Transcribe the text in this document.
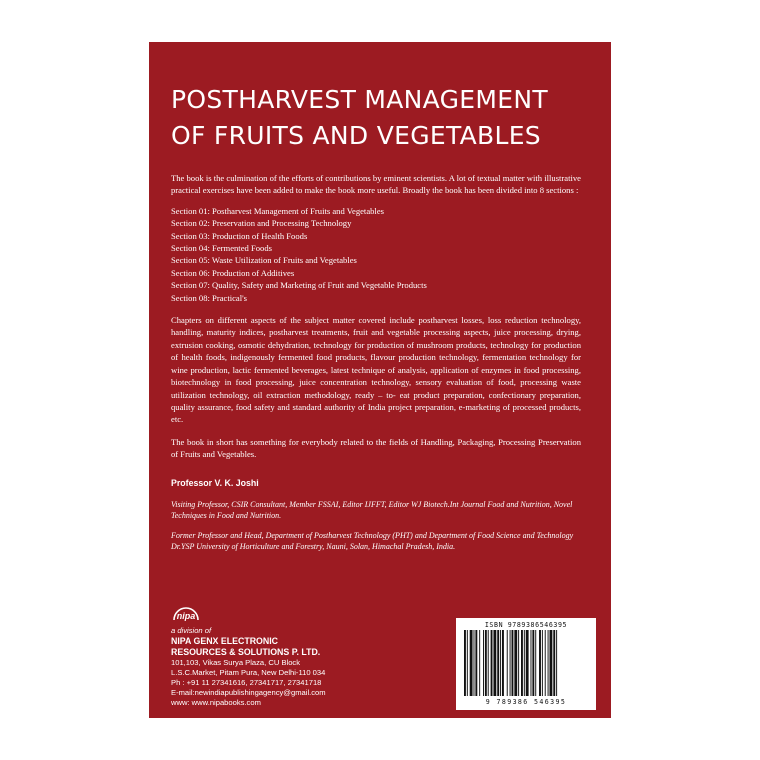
POSTHARVEST MANAGEMENT
OF FRUITS AND VEGETABLES

The book is the culmination of the efforts of contributions by eminent scientists. A lot of textual matter with illustrative practical exercises have been added to make the book more useful. Broadly the book has been divided into 8 sections :

Section 01: Postharvest Management of Fruits and Vegetables
Section 02: Preservation and Processing Technology
Section 03: Production of Health Foods
Section 04: Fermented Foods
Section 05: Waste Utilization of Fruits and Vegetables
Section 06: Production of Additives
Section 07: Quality, Safety and Marketing of Fruit and Vegetable Products
Section 08: Practical's

Chapters on different aspects of the subject matter covered include postharvest losses, loss reduction technology, handling, maturity indices, postharvest treatments, fruit and vegetable processing aspects, juice processing, drying, extrusion cooking, osmotic dehydration, technology for production of mushroom products, technology for production of health foods, indigenously fermented food products, flavour production technology, fermentation technology for wine production, lactic fermented beverages, latest technique of analysis, application of enzymes in food processing, biotechnology in food processing, juice concentration technology, sensory evaluation of food, processing waste utilization technology, oil extraction methodology, ready – to- eat product preparation, confectionary preparation, quality assurance, food safety and standard authority of India project preparation, e-marketing of processed products, etc.

The book in short has something for everybody related to the fields of Handling, Packaging, Processing Preservation of Fruits and Vegetables.

Professor V. K. Joshi

Visiting Professor, CSIR Consultant, Member FSSAI, Editor IJFFT, Editor WJ Biotech.Int Journal Food and Nutrition, Novel Techniques in Food and Nutrition.

Former Professor and Head, Department of Postharvest Technology (PHT) and Department of Food Science and Technology Dr.YSP University of Horticulture and Forestry, Nauni, Solan, Himachal Pradesh, India.

nipa
a division of
NIPA GENX ELECTRONIC
RESOURCES & SOLUTIONS P. LTD.
101,103, Vikas Surya Plaza, CU Block
L.S.C.Market, Pitam Pura, New Delhi-110 034
Ph : +91 11 27341616, 27341717, 27341718
E-mail:newindiapublishingagency@gmail.com
www: www.nipabooks.com
ISBN 9789386546395
9 789386 546395
